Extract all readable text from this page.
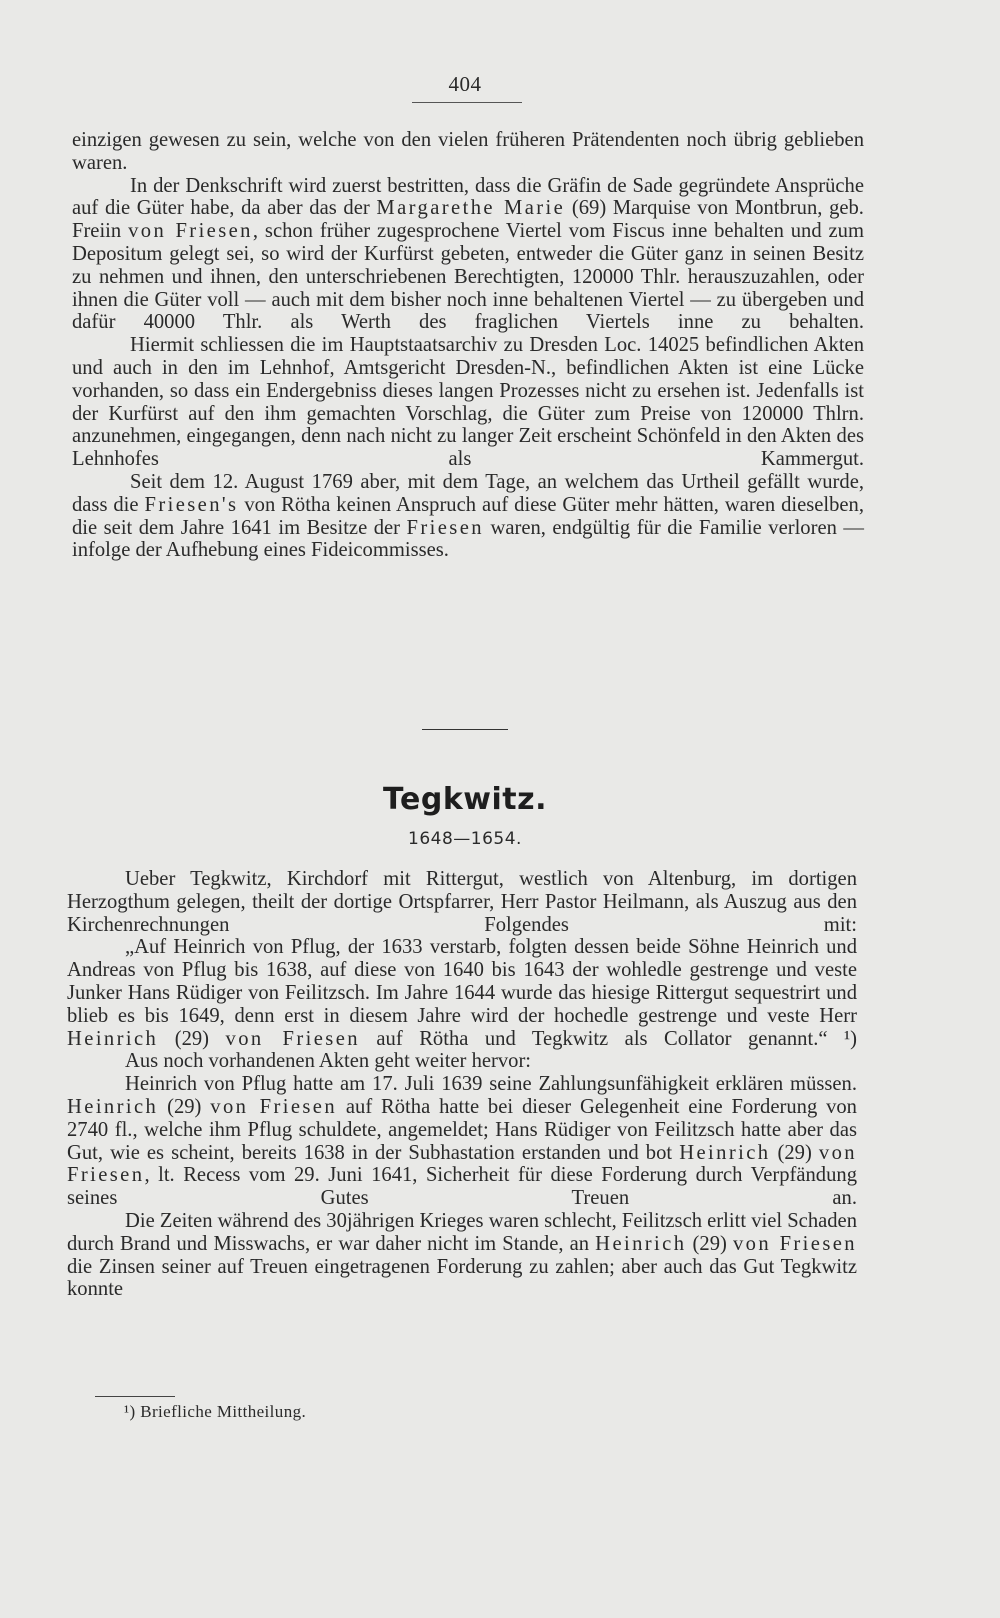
404

einzigen gewesen zu sein, welche von den vielen früheren Prätendenten noch übrig geblieben waren.

In der Denkschrift wird zuerst bestritten, dass die Gräfin de Sade gegründete Ansprüche auf die Güter habe, da aber das der Margarethe Marie (69) Marquise von Montbrun, geb. Freiin von Friesen, schon früher zugesprochene Viertel vom Fiscus inne behalten und zum Depositum gelegt sei, so wird der Kurfürst gebeten, entweder die Güter ganz in seinen Besitz zu nehmen und ihnen, den unterschriebenen Berechtigten, 120000 Thlr. herauszuzahlen, oder ihnen die Güter voll — auch mit dem bisher noch inne behaltenen Viertel — zu übergeben und dafür 40000 Thlr. als Werth des fraglichen Viertels inne zu behalten.

Hiermit schliessen die im Hauptstaatsarchiv zu Dresden Loc. 14025 befindlichen Akten und auch in den im Lehnhof, Amtsgericht Dresden-N., befindlichen Akten ist eine Lücke vorhanden, so dass ein Endergebniss dieses langen Prozesses nicht zu ersehen ist. Jedenfalls ist der Kurfürst auf den ihm gemachten Vorschlag, die Güter zum Preise von 120000 Thlrn. anzunehmen, eingegangen, denn nach nicht zu langer Zeit erscheint Schönfeld in den Akten des Lehnhofes als Kammergut.

Seit dem 12. August 1769 aber, mit dem Tage, an welchem das Urtheil gefällt wurde, dass die Friesen's von Rötha keinen Anspruch auf diese Güter mehr hätten, waren dieselben, die seit dem Jahre 1641 im Besitze der Friesen waren, endgültig für die Familie verloren — infolge der Aufhebung eines Fideicommisses.

Tegkwitz.
1648—1654.

Ueber Tegkwitz, Kirchdorf mit Rittergut, westlich von Altenburg, im dortigen Herzogthum gelegen, theilt der dortige Ortspfarrer, Herr Pastor Heilmann, als Auszug aus den Kirchenrechnungen Folgendes mit:

„Auf Heinrich von Pflug, der 1633 verstarb, folgten dessen beide Söhne Heinrich und Andreas von Pflug bis 1638, auf diese von 1640 bis 1643 der wohledle gestrenge und veste Junker Hans Rüdiger von Feilitzsch. Im Jahre 1644 wurde das hiesige Rittergut sequestrirt und blieb es bis 1649, denn erst in diesem Jahre wird der hochedle gestrenge und veste Herr Heinrich (29) von Friesen auf Rötha und Tegkwitz als Collator genannt.“ ¹)

Aus noch vorhandenen Akten geht weiter hervor:

Heinrich von Pflug hatte am 17. Juli 1639 seine Zahlungsunfähigkeit erklären müssen. Heinrich (29) von Friesen auf Rötha hatte bei dieser Gelegenheit eine Forderung von 2740 fl., welche ihm Pflug schuldete, angemeldet; Hans Rüdiger von Feilitzsch hatte aber das Gut, wie es scheint, bereits 1638 in der Subhastation erstanden und bot Heinrich (29) von Friesen, lt. Recess vom 29. Juni 1641, Sicherheit für diese Forderung durch Verpfändung seines Gutes Treuen an.

Die Zeiten während des 30jährigen Krieges waren schlecht, Feilitzsch erlitt viel Schaden durch Brand und Misswachs, er war daher nicht im Stande, an Heinrich (29) von Friesen die Zinsen seiner auf Treuen eingetragenen Forderung zu zahlen; aber auch das Gut Tegkwitz konnte

¹) Briefliche Mittheilung.
